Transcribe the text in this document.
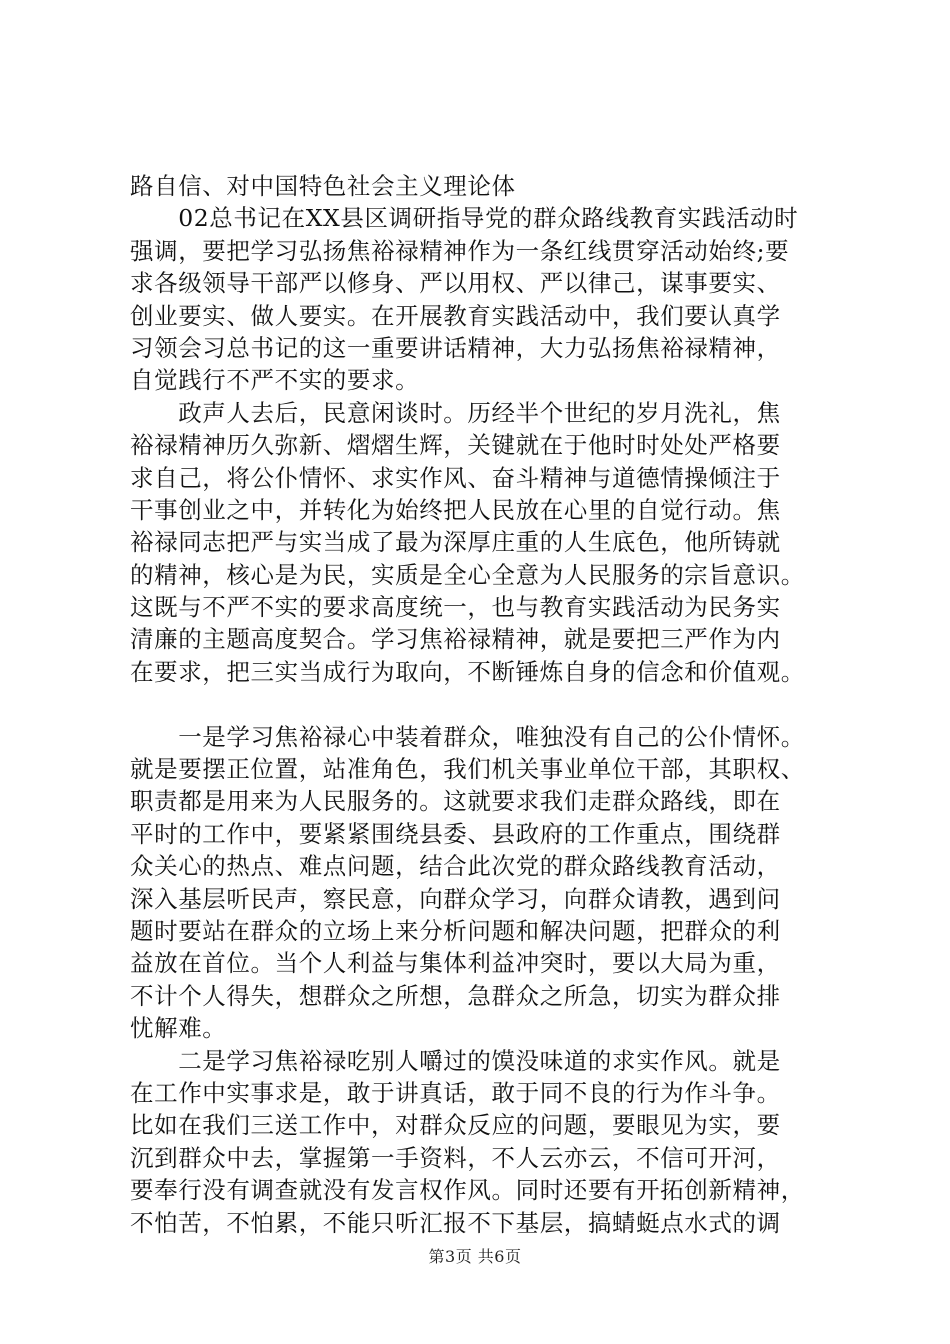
路自信、对中国特色社会主义理论体
　　02总书记在XX县区调研指导党的群众路线教育实践活动时
强调，要把学习弘扬焦裕禄精神作为一条红线贯穿活动始终;要
求各级领导干部严以修身、严以用权、严以律己，谋事要实、
创业要实、做人要实。在开展教育实践活动中，我们要认真学
习领会习总书记的这一重要讲话精神，大力弘扬焦裕禄精神，
自觉践行不严不实的要求。
　　政声人去后，民意闲谈时。历经半个世纪的岁月洗礼，焦
裕禄精神历久弥新、熠熠生辉，关键就在于他时时处处严格要
求自己，将公仆情怀、求实作风、奋斗精神与道德情操倾注于
干事创业之中，并转化为始终把人民放在心里的自觉行动。焦
裕禄同志把严与实当成了最为深厚庄重的人生底色，他所铸就
的精神，核心是为民，实质是全心全意为人民服务的宗旨意识。
这既与不严不实的要求高度统一，也与教育实践活动为民务实
清廉的主题高度契合。学习焦裕禄精神，就是要把三严作为内
在要求，把三实当成行为取向，不断锤炼自身的信念和价值观。
　　一是学习焦裕禄心中装着群众，唯独没有自己的公仆情怀。
就是要摆正位置，站准角色，我们机关事业单位干部，其职权、
职责都是用来为人民服务的。这就要求我们走群众路线，即在
平时的工作中，要紧紧围绕县委、县政府的工作重点，围绕群
众关心的热点、难点问题，结合此次党的群众路线教育活动，
深入基层听民声，察民意，向群众学习，向群众请教，遇到问
题时要站在群众的立场上来分析问题和解决问题，把群众的利
益放在首位。当个人利益与集体利益冲突时，要以大局为重，
不计个人得失，想群众之所想，急群众之所急，切实为群众排
忧解难。
　　二是学习焦裕禄吃别人嚼过的馍没味道的求实作风。就是
在工作中实事求是，敢于讲真话，敢于同不良的行为作斗争。
比如在我们三送工作中，对群众反应的问题，要眼见为实，要
沉到群众中去，掌握第一手资料，不人云亦云，不信可开河，
要奉行没有调查就没有发言权作风。同时还要有开拓创新精神，
不怕苦，不怕累，不能只听汇报不下基层，搞蜻蜓点水式的调
第3页 共6页
